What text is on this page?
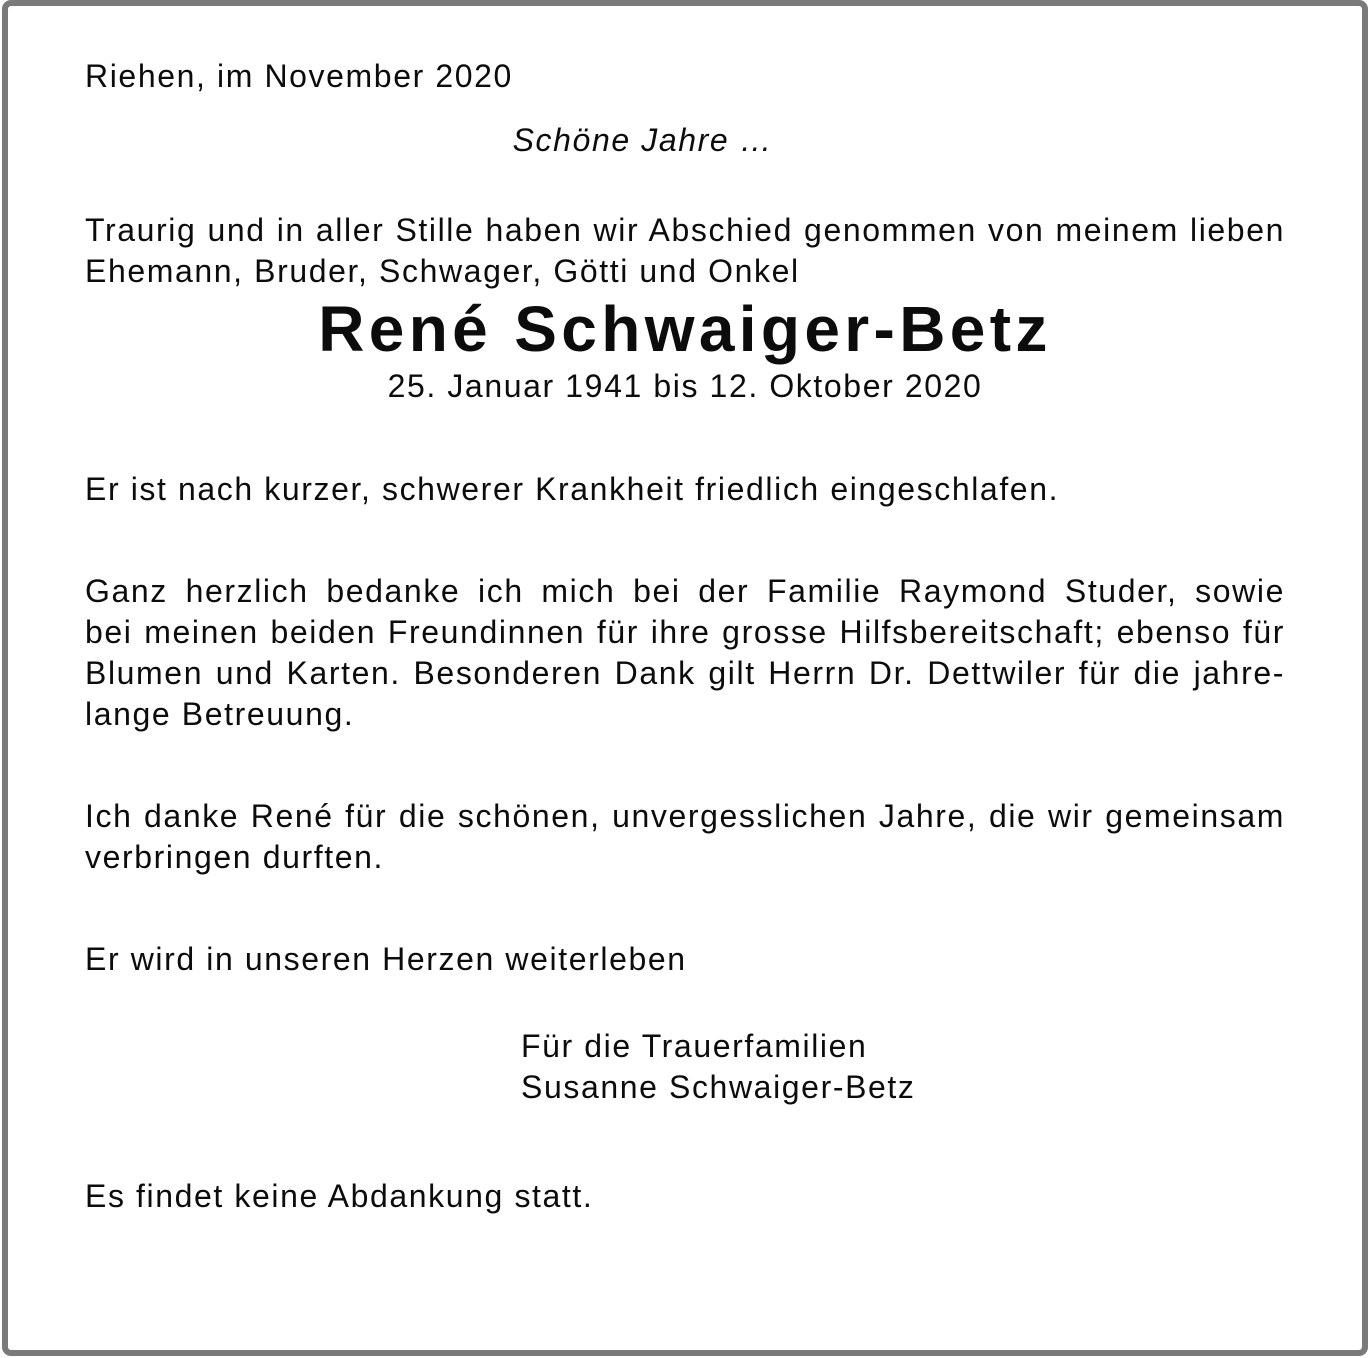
Riehen, im November 2020

Schöne Jahre …

Traurig und in aller Stille haben wir Abschied genommen von meinem lieben
Ehemann, Bruder, Schwager, Götti und Onkel

René Schwaiger-Betz

25. Januar 1941 bis 12. Oktober 2020

Er ist nach kurzer, schwerer Krankheit friedlich eingeschlafen.

Ganz herzlich bedanke ich mich bei der Familie Raymond Studer, sowie
bei meinen beiden Freundinnen für ihre grosse Hilfsbereitschaft; ebenso für
Blumen und Karten. Besonderen Dank gilt Herrn Dr. Dettwiler für die jahre-
lange Betreuung.

Ich danke René für die schönen, unvergesslichen Jahre, die wir gemeinsam
verbringen durften.

Er wird in unseren Herzen weiterleben

Für die Trauerfamilien
Susanne Schwaiger-Betz

Es findet keine Abdankung statt.
